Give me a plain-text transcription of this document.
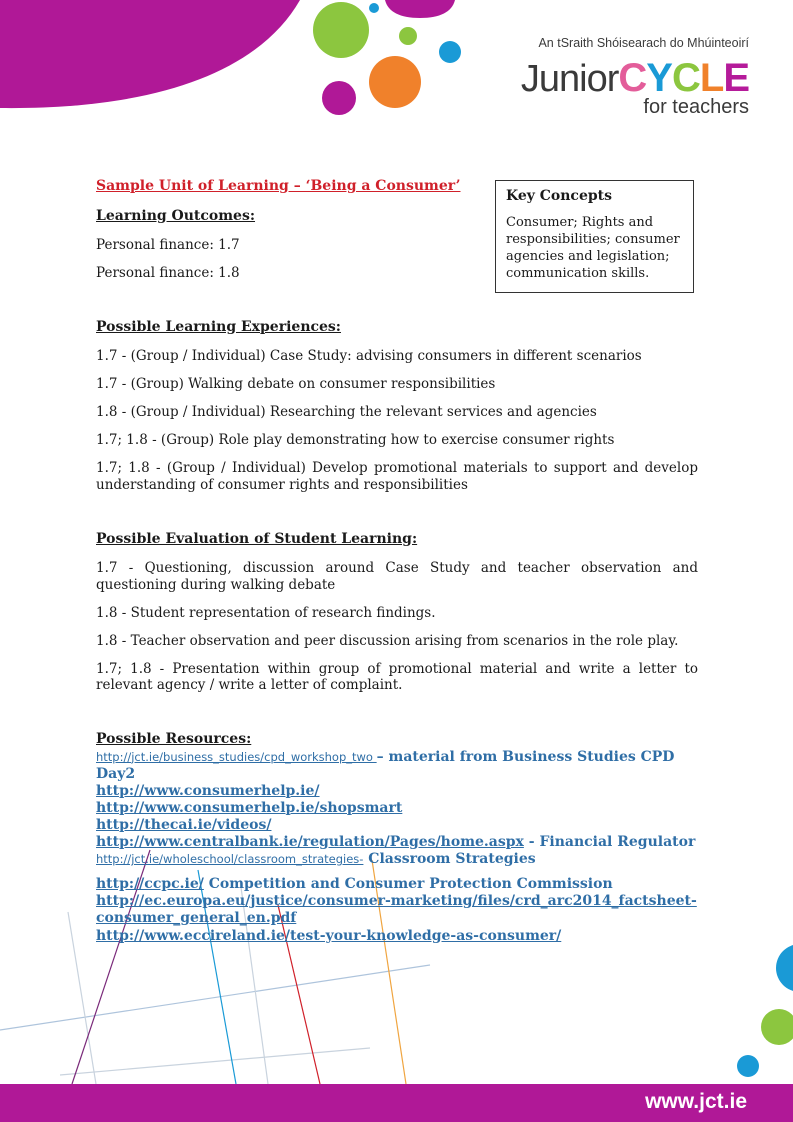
An tSraith Shóisearach do Mhúinteoirí
JuniorCYCLE
for teachers
Key Concepts
Consumer; Rights and responsibilities; consumer agencies and legislation; communication skills.
Sample Unit of Learning – ‘Being a Consumer’
Learning Outcomes:

Personal finance: 1.7

Personal finance: 1.8

Possible Learning Experiences:

1.7 - (Group / Individual) Case Study: advising consumers in different scenarios

1.7 - (Group) Walking debate on consumer responsibilities

1.8 - (Group / Individual) Researching the relevant services and agencies

1.7; 1.8 - (Group) Role play demonstrating how to exercise consumer rights

1.7; 1.8 - (Group / Individual) Develop promotional materials to support and develop understanding of consumer rights and responsibilities

Possible Evaluation of Student Learning:

1.7 - Questioning, discussion around Case Study and teacher observation and questioning during walking debate

1.8 - Student representation of research findings.

1.8 - Teacher observation and peer discussion arising from scenarios in the role play.

1.7; 1.8 - Presentation within group of promotional material and write a letter to relevant agency / write a letter of complaint.

Possible Resources:
http://jct.ie/business_studies/cpd_workshop_two – material from Business Studies CPD Day2
http://www.consumerhelp.ie/
http://www.consumerhelp.ie/shopsmart
http://thecai.ie/videos/
http://www.centralbank.ie/regulation/Pages/home.aspx - Financial Regulator
http://jct.ie/wholeschool/classroom_strategies- Classroom Strategies
http://ccpc.ie/ Competition and Consumer Protection Commission
http://ec.europa.eu/justice/consumer-marketing/files/crd_arc2014_factsheet-consumer_general_en.pdf
http://www.eccireland.ie/test-your-knowledge-as-consumer/
www.jct.ie
